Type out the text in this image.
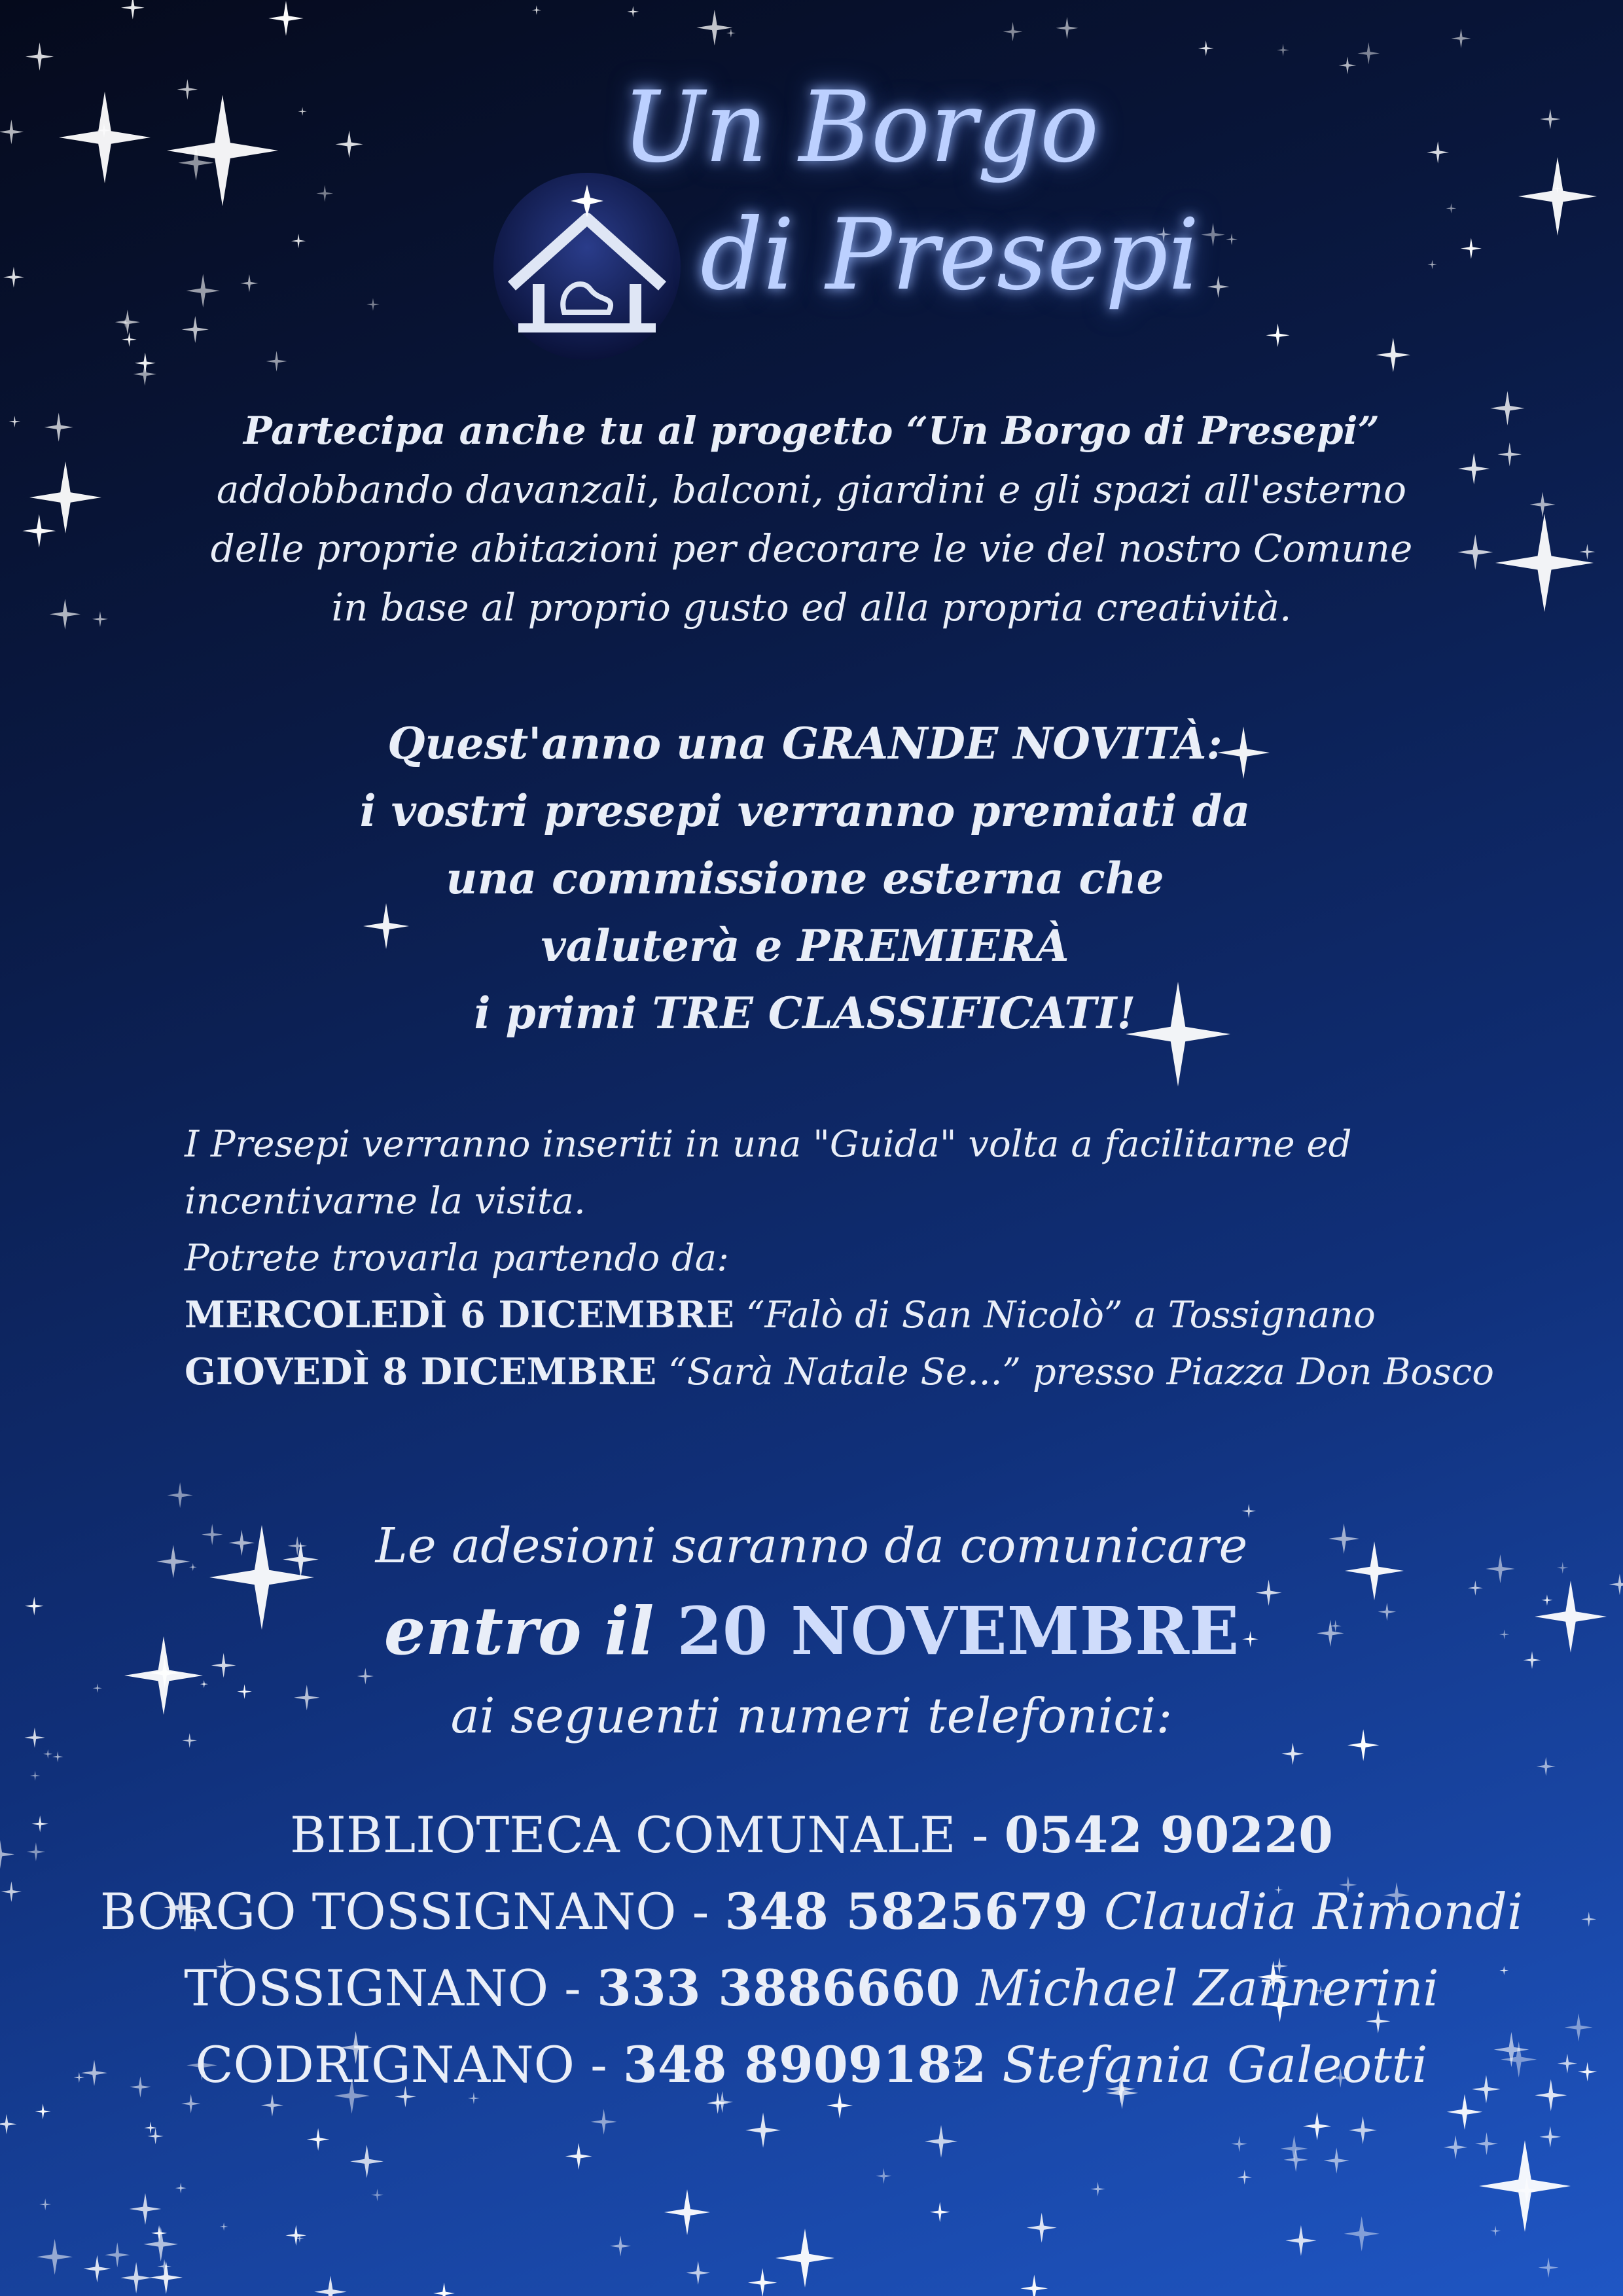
Un Borgo
di Presepi

Partecipa anche tu al progetto “Un Borgo di Presepi”

addobbando davanzali, balconi, giardini e gli spazi all'esterno

delle proprie abitazioni per decorare le vie del nostro Comune

in base al proprio gusto ed alla propria creatività.

Quest'anno una GRANDE NOVITÀ:

i vostri presepi verranno premiati da

una commissione esterna che

valuterà e PREMIERÀ

i primi TRE CLASSIFICATI!

I Presepi verranno inseriti in una "Guida" volta a facilitarne ed

incentivarne la visita.

Potrete trovarla partendo da:

MERCOLEDÌ 6 DICEMBRE “Falò di San Nicolò” a Tossignano

GIOVEDÌ 8 DICEMBRE “Sarà Natale Se...” presso Piazza Don Bosco

Le adesioni saranno da comunicare

entro il 20 NOVEMBRE

ai seguenti numeri telefonici:

BIBLIOTECA COMUNALE - 0542 90220

BORGO TOSSIGNANO - 348 5825679 Claudia Rimondi

TOSSIGNANO - 333 3886660 Michael Zannerini

CODRIGNANO - 348 8909182 Stefania Galeotti
